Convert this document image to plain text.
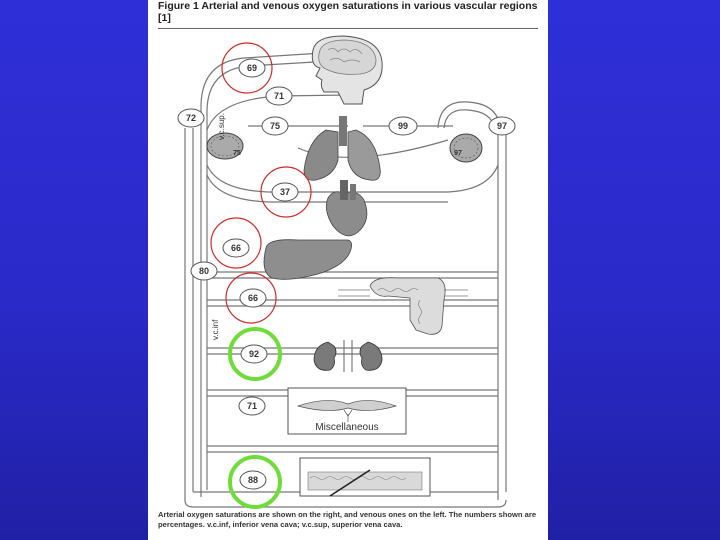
Figure 1 Arterial and venous oxygen saturations in various vascular regions [1]
Miscellaneous
v.c.sup.
v.c.inf
69
71
72
75	99	97
75	97
37
66
80
66
92
71
88
Arterial oxygen saturations are shown on the right, and venous ones on the left. The numbers shown are percentages. v.c.inf, inferior vena cava; v.c.sup, superior vena cava.
